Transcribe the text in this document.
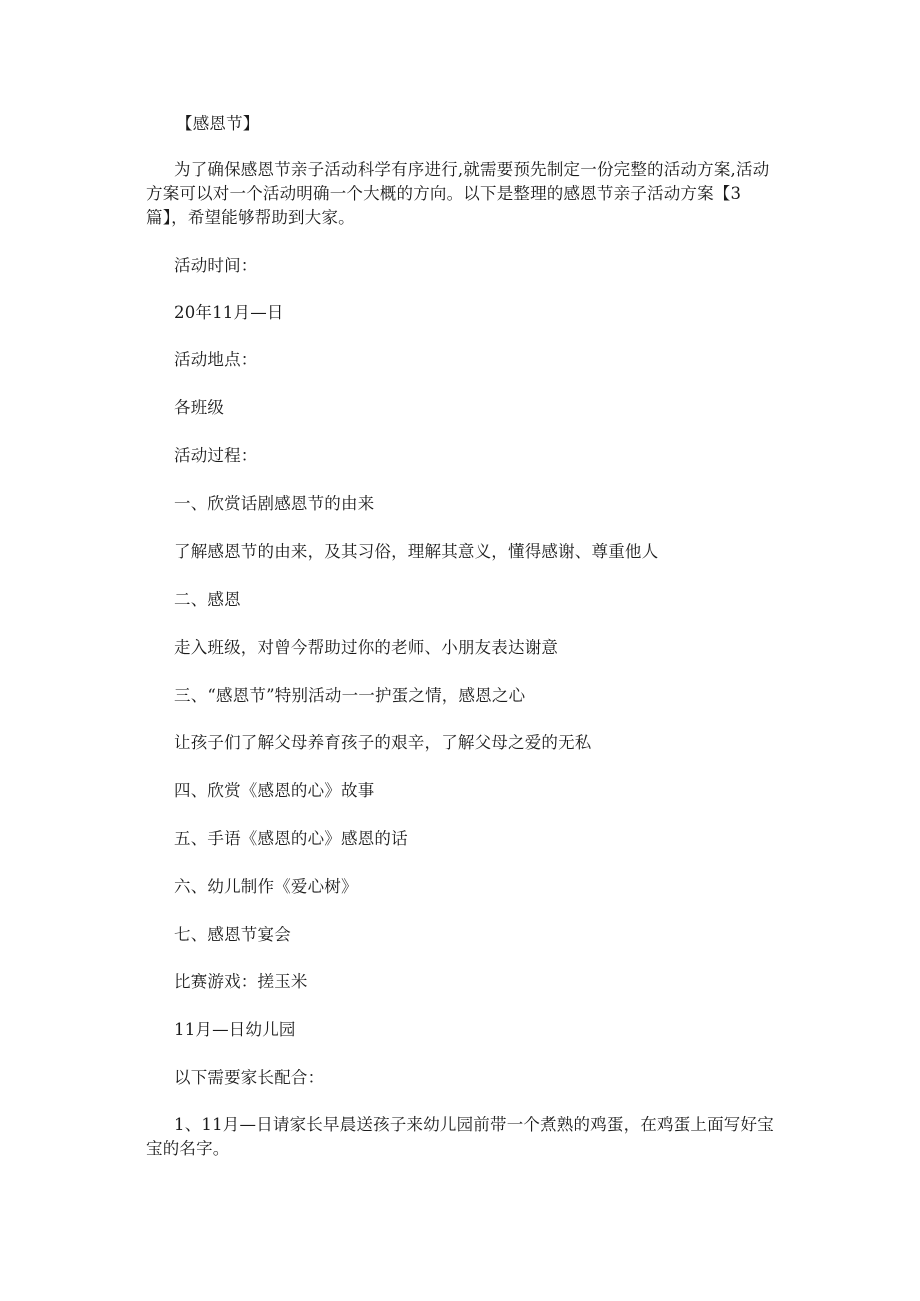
【感恩节】
为了确保感恩节亲子活动科学有序进行,就需要预先制定一份完整的活动方案,活动方案可以对一个活动明确一个大概的方向。以下是整理的感恩节亲子活动方案【3篇】，希望能够帮助到大家。
活动时间：
20年11月—日
活动地点：
各班级
活动过程：
一、欣赏话剧感恩节的由来
了解感恩节的由来，及其习俗，理解其意义，懂得感谢、尊重他人
二、感恩
走入班级，对曾今帮助过你的老师、小朋友表达谢意
三、“感恩节”特别活动一一护蛋之情，感恩之心
让孩子们了解父母养育孩子的艰辛，了解父母之爱的无私
四、欣赏《感恩的心》故事
五、手语《感恩的心》感恩的话
六、幼儿制作《爱心树》
七、感恩节宴会
比赛游戏：搓玉米
11月—日幼儿园
以下需要家长配合：
1、11月—日请家长早晨送孩子来幼儿园前带一个煮熟的鸡蛋，在鸡蛋上面写好宝宝的名字。
